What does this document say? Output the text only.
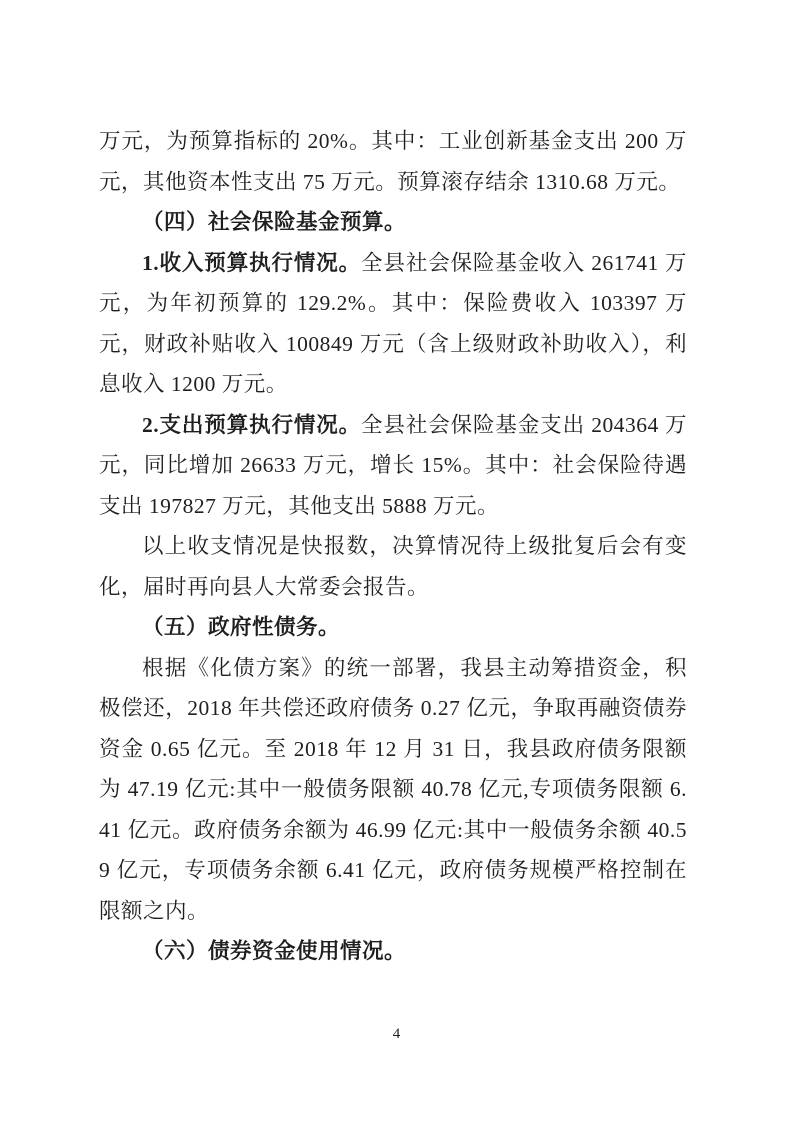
万元，为预算指标的 20%。其中：工业创新基金支出 200 万元，其他资本性支出 75 万元。预算滚存结余 1310.68 万元。

（四）社会保险基金预算。

1.收入预算执行情况。全县社会保险基金收入 261741 万元，为年初预算的 129.2%。其中：保险费收入 103397 万元，财政补贴收入 100849 万元（含上级财政补助收入），利息收入 1200 万元。

2.支出预算执行情况。全县社会保险基金支出 204364 万元，同比增加 26633 万元，增长 15%。其中：社会保险待遇支出 197827 万元，其他支出 5888 万元。

以上收支情况是快报数，决算情况待上级批复后会有变化，届时再向县人大常委会报告。

（五）政府性债务。

根据《化债方案》的统一部署，我县主动筹措资金，积极偿还，2018 年共偿还政府债务 0.27 亿元，争取再融资债券资金 0.65 亿元。至 2018 年 12 月 31 日，我县政府债务限额为 47.19 亿元:其中一般债务限额 40.78 亿元,专项债务限额 6.41 亿元。政府债务余额为 46.99 亿元:其中一般债务余额 40.59 亿元，专项债务余额 6.41 亿元，政府债务规模严格控制在限额之内。

（六）债券资金使用情况。
4
